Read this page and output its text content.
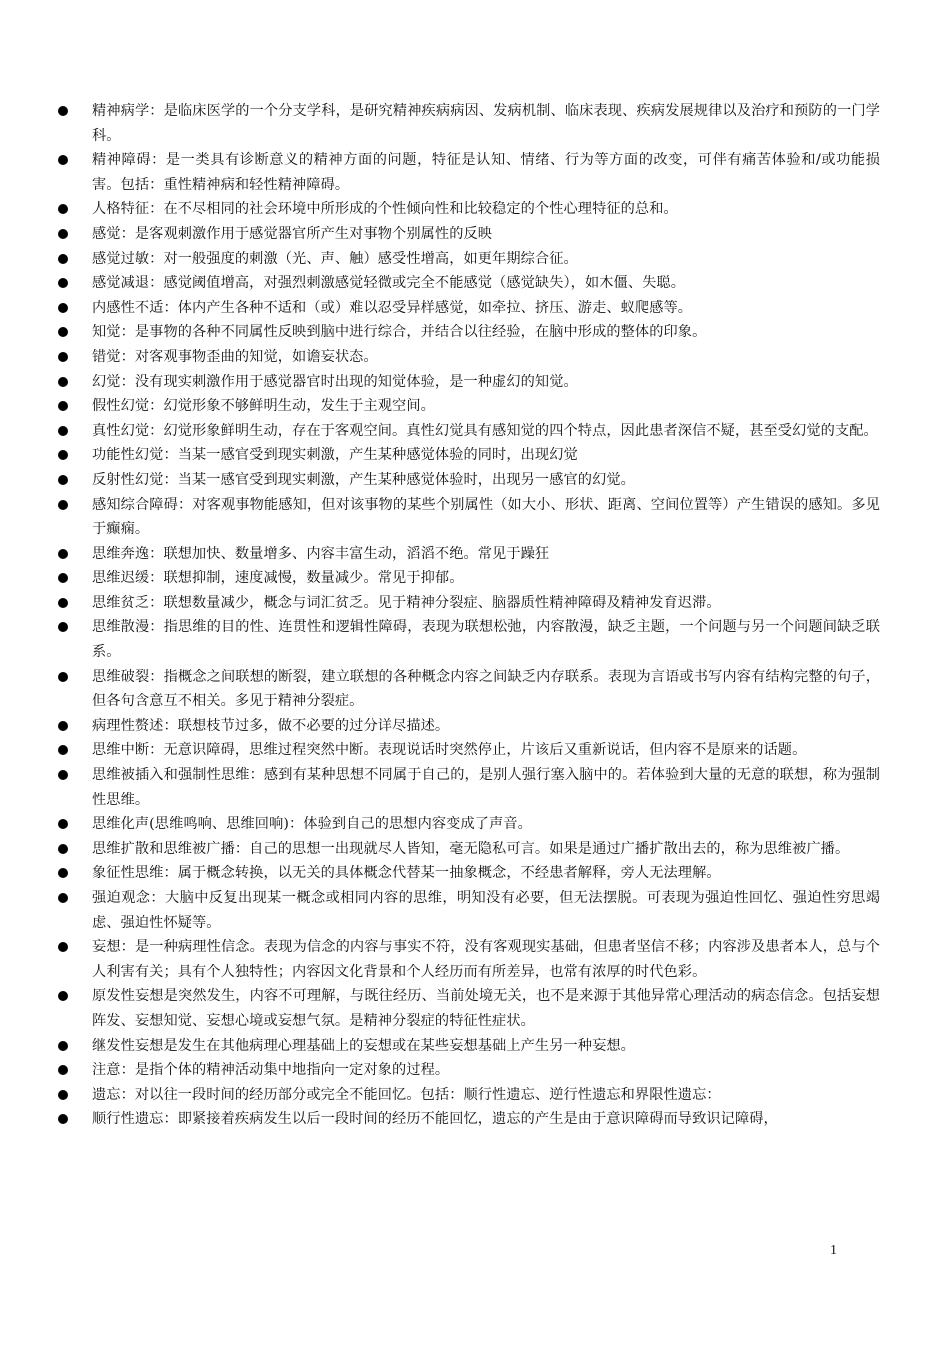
精神病学：是临床医学的一个分支学科，是研究精神疾病病因、发病机制、临床表现、疾病发展规律以及治疗和预防的一门学科。
精神障碍：是一类具有诊断意义的精神方面的问题，特征是认知、情绪、行为等方面的改变，可伴有痛苦体验和/或功能损害。包括：重性精神病和轻性精神障碍。
人格特征：在不尽相同的社会环境中所形成的个性倾向性和比较稳定的个性心理特征的总和。
感觉：是客观刺激作用于感觉器官所产生对事物个别属性的反映
感觉过敏：对一般强度的刺激（光、声、触）感受性增高，如更年期综合征。
感觉减退：感觉阈值增高，对强烈刺激感觉轻微或完全不能感觉（感觉缺失），如木僵、失聪。
内感性不适：体内产生各种不适和（或）难以忍受异样感觉，如牵拉、挤压、游走、蚁爬感等。
知觉：是事物的各种不同属性反映到脑中进行综合，并结合以往经验，在脑中形成的整体的印象。
错觉：对客观事物歪曲的知觉，如谵妄状态。
幻觉：没有现实刺激作用于感觉器官时出现的知觉体验，是一种虚幻的知觉。
假性幻觉：幻觉形象不够鲜明生动，发生于主观空间。
真性幻觉：幻觉形象鲜明生动，存在于客观空间。真性幻觉具有感知觉的四个特点，因此患者深信不疑，甚至受幻觉的支配。
功能性幻觉：当某一感官受到现实刺激，产生某种感觉体验的同时，出现幻觉
反射性幻觉：当某一感官受到现实刺激，产生某种感觉体验时，出现另一感官的幻觉。
感知综合障碍：对客观事物能感知，但对该事物的某些个别属性（如大小、形状、距离、空间位置等）产生错误的感知。多见于癫痫。
思维奔逸：联想加快、数量增多、内容丰富生动，滔滔不绝。常见于躁狂
思维迟缓：联想抑制，速度减慢，数量减少。常见于抑郁。
思维贫乏：联想数量减少，概念与词汇贫乏。见于精神分裂症、脑器质性精神障碍及精神发育迟滞。
思维散漫：指思维的目的性、连贯性和逻辑性障碍，表现为联想松弛，内容散漫，缺乏主题，一个问题与另一个问题间缺乏联系。
思维破裂：指概念之间联想的断裂，建立联想的各种概念内容之间缺乏内存联系。表现为言语或书写内容有结构完整的句子，但各句含意互不相关。多见于精神分裂症。
病理性赘述：联想枝节过多，做不必要的过分详尽描述。
思维中断：无意识障碍，思维过程突然中断。表现说话时突然停止，片该后又重新说话，但内容不是原来的话题。
思维被插入和强制性思维：感到有某种思想不同属于自己的，是别人强行塞入脑中的。若体验到大量的无意的联想，称为强制性思维。
思维化声(思维鸣响、思维回响)：体验到自己的思想内容变成了声音。
思维扩散和思维被广播：自己的思想一出现就尽人皆知，毫无隐私可言。如果是通过广播扩散出去的，称为思维被广播。
象征性思维：属于概念转换，以无关的具体概念代替某一抽象概念，不经患者解释，旁人无法理解。
强迫观念：大脑中反复出现某一概念或相同内容的思维，明知没有必要，但无法摆脱。可表现为强迫性回忆、强迫性穷思竭虑、强迫性怀疑等。
妄想：是一种病理性信念。表现为信念的内容与事实不符，没有客观现实基础，但患者坚信不移；内容涉及患者本人，总与个人利害有关；具有个人独特性；内容因文化背景和个人经历而有所差异，也常有浓厚的时代色彩。
原发性妄想是突然发生，内容不可理解，与既往经历、当前处境无关，也不是来源于其他异常心理活动的病态信念。包括妄想阵发、妄想知觉、妄想心境或妄想气氛。是精神分裂症的特征性症状。
继发性妄想是发生在其他病理心理基础上的妄想或在某些妄想基础上产生另一种妄想。
注意：是指个体的精神活动集中地指向一定对象的过程。
遗忘：对以往一段时间的经历部分或完全不能回忆。包括：顺行性遗忘、逆行性遗忘和界限性遗忘：
顺行性遗忘：即紧接着疾病发生以后一段时间的经历不能回忆，遗忘的产生是由于意识障碍而导致识记障碍，
1
